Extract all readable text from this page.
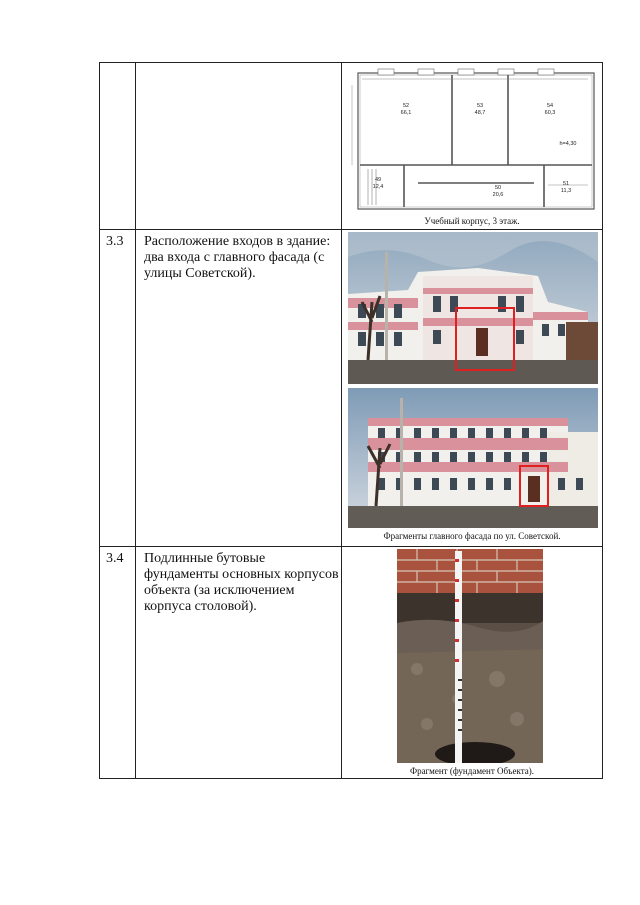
52
66,1
53
48,7
54
60,3
49
12,4	50
20,6
51
11,3
h=4,30
Учебный корпус, 3 этаж.
3.3 Расположение входов в здание: два входа с главного фасада (с улицы Советской).
Фрагменты главного фасада по ул. Советской.
3.4 Подлинные бутовые фундаменты основных корпусов объекта (за исключением корпуса столовой).
Фрагмент (фундамент Объекта).
